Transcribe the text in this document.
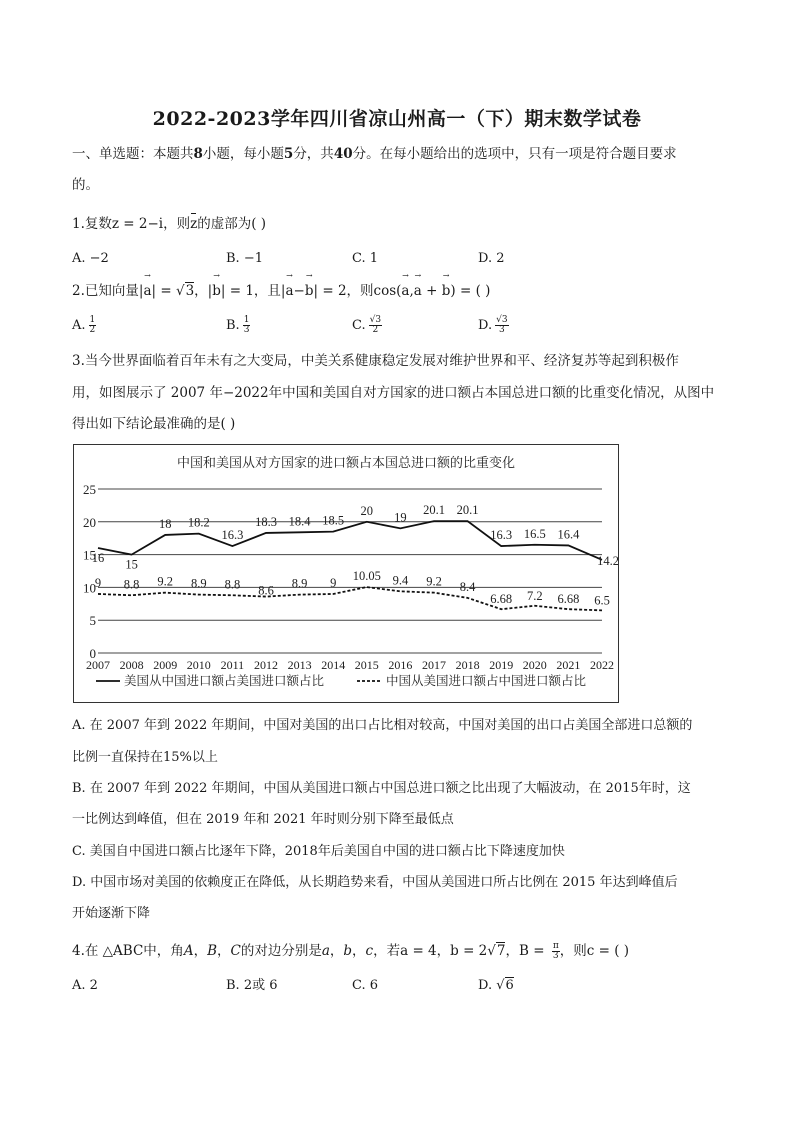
2022-2023学年四川省凉山州高一（下）期末数学试卷
一、单选题：本题共8小题，每小题5分，共40分。在每小题给出的选项中，只有一项是符合题目要求
的。
1.复数z = 2−i，则z的虚部为( )
A. −2	B. −1	C. 1	D. 2
2.已知向量|→ a| = √3，|→ b| = 1，且|→ a−→ b| = 2，则cos(→ a,→ a + → b) = ( )
A. $\frac{1}{2}$	B. $\frac{1}{3}$	C. $\frac{√3}{2}$	D. $\frac{√3}{3}$
3.当今世界面临着百年未有之大变局，中美关系健康稳定发展对维护世界和平、经济复苏等起到积极作
用，如图展示了 2007 年−2022年中国和美国自对方国家的进口额占本国总进口额的比重变化情况，从图中
得出如下结论最准确的是( )
中国和美国从对方国家的进口额占本国总进口额的比重变化
0
5
10
15
20
25
2007 2008 2009 2010 2011 2012 2013 2014 2015 2016 2017 2018 2019 2020 2021 2022
16 15
18 18.2
16.3
18.3 18.4 18.5
20 19
20.1 20.1
16.3 16.5 16.4
14.2
9 8.8 9.2 8.9 8.8 8.6 8.9 9 10.05 9.4 9.2 8.4
6.68 7.2 6.68 6.5
美国从中国进口额占美国进口额占比	中国从美国进口额占中国进口额占比
A. 在 2007 年到 2022 年期间，中国对美国的出口占比相对较高，中国对美国的出口占美国全部进口总额的
比例一直保持在15%以上
B. 在 2007 年到 2022 年期间，中国从美国进口额占中国总进口额之比出现了大幅波动，在 2015年时，这
一比例达到峰值，但在 2019 年和 2021 年时则分别下降至最低点
C. 美国自中国进口额占比逐年下降，2018年后美国自中国的进口额占比下降速度加快
D. 中国市场对美国的依赖度正在降低，从长期趋势来看，中国从美国进口所占比例在 2015 年达到峰值后
开始逐渐下降
4.在 △ABC中，角A，B，C的对边分别是a，b，c，若a = 4，b = 2√7，$B = \frac{\pi}{3}$ ，则c = ( )
A. 2	B. 2或 6	C. 6	D. √6
